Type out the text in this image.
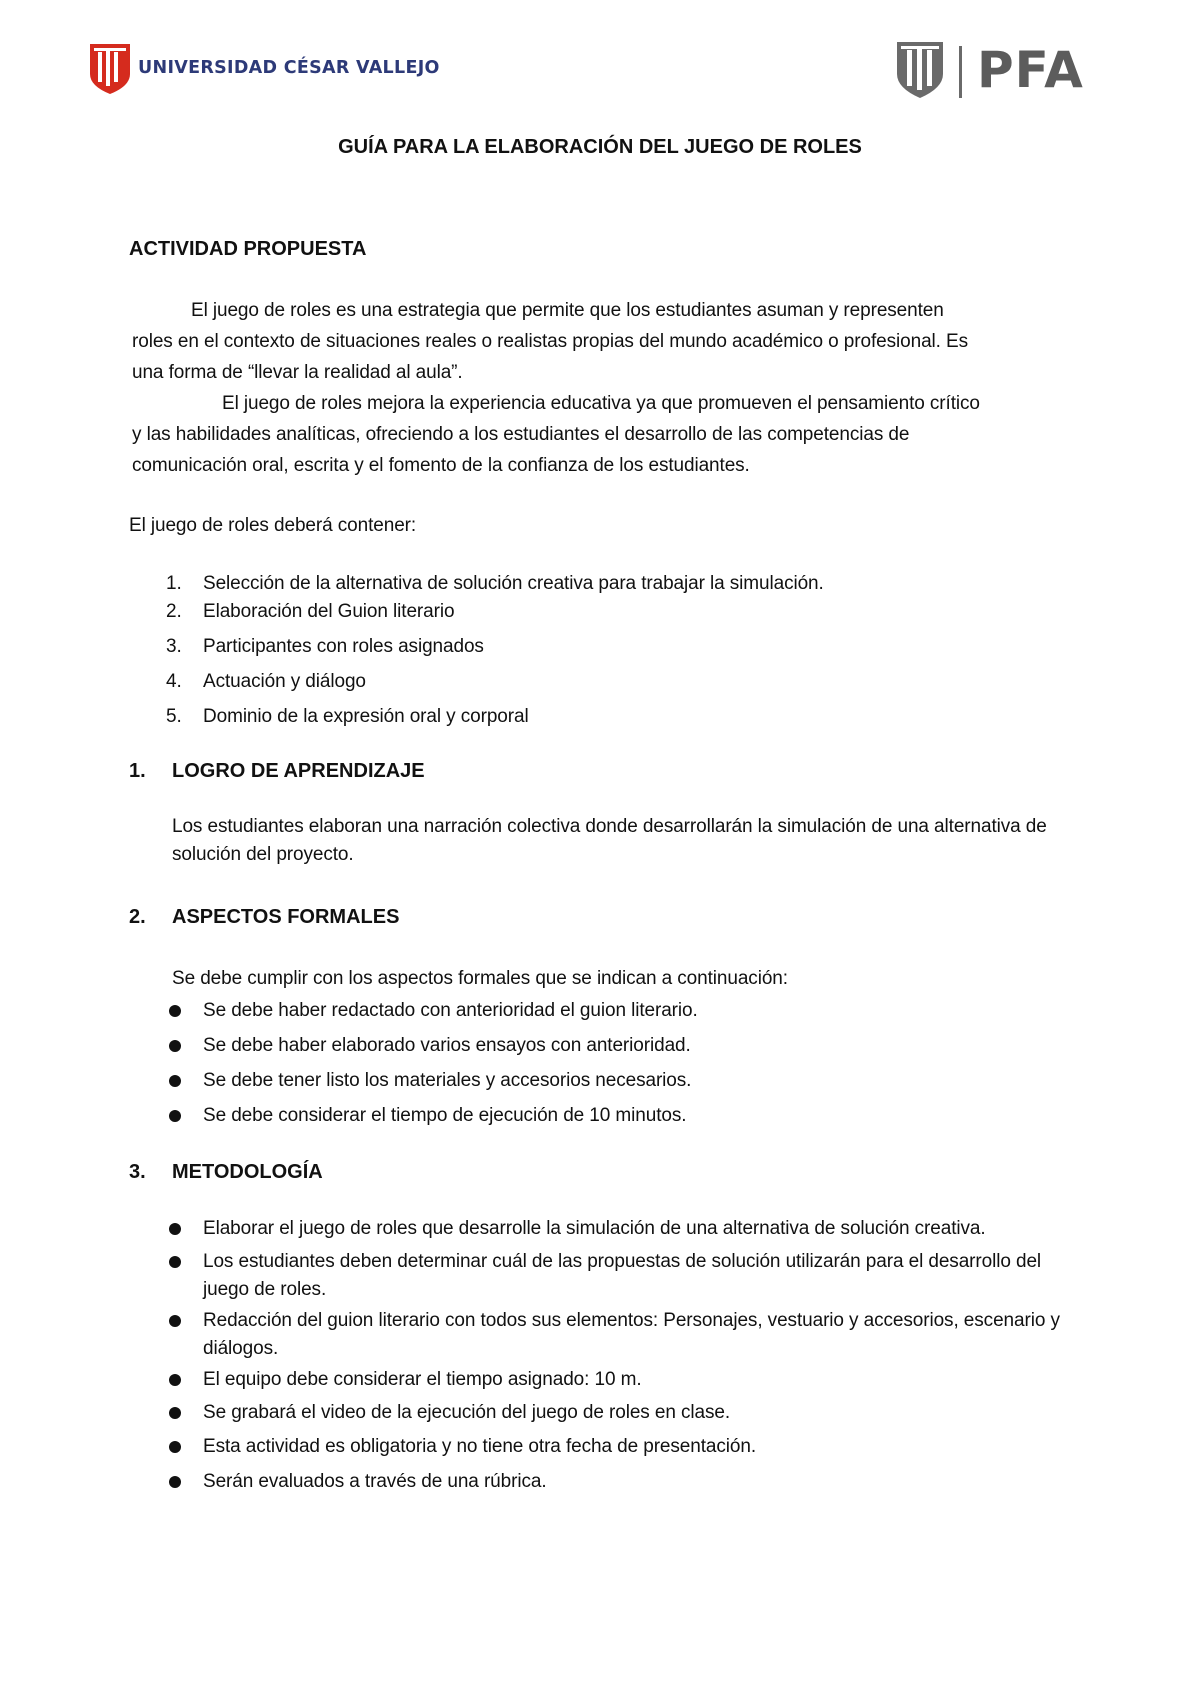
UNIVERSIDAD CÉSAR VALLEJO	PFA
GUÍA PARA LA ELABORACIÓN DEL JUEGO DE ROLES
ACTIVIDAD PROPUESTA
El juego de roles es una estrategia que permite que los estudiantes asuman y representen
roles en el contexto de situaciones reales o realistas propias del mundo académico o profesional. Es
una forma de “llevar la realidad al aula”.
El juego de roles mejora la experiencia educativa ya que promueven el pensamiento crítico
y las habilidades analíticas, ofreciendo a los estudiantes el desarrollo de las competencias de
comunicación oral, escrita y el fomento de la confianza de los estudiantes.
El juego de roles deberá contener:
1. Selección de la alternativa de solución creativa para trabajar la simulación.
2. Elaboración del Guion literario
3. Participantes con roles asignados
4. Actuación y diálogo
5. Dominio de la expresión oral y corporal
1. LOGRO DE APRENDIZAJE
Los estudiantes elaboran una narración colectiva donde desarrollarán la simulación de una alternativa de
solución del proyecto.
2. ASPECTOS FORMALES
Se debe cumplir con los aspectos formales que se indican a continuación:
Se debe haber redactado con anterioridad el guion literario.
Se debe haber elaborado varios ensayos con anterioridad.
Se debe tener listo los materiales y accesorios necesarios.
Se debe considerar el tiempo de ejecución de 10 minutos.
3. METODOLOGÍA
Elaborar el juego de roles que desarrolle la simulación de una alternativa de solución creativa.
Los estudiantes deben determinar cuál de las propuestas de solución utilizarán para el desarrollo del
juego de roles.
Redacción del guion literario con todos sus elementos: Personajes, vestuario y accesorios, escenario y
diálogos.
El equipo debe considerar el tiempo asignado: 10 m.
Se grabará el video de la ejecución del juego de roles en clase.
Esta actividad es obligatoria y no tiene otra fecha de presentación.
Serán evaluados a través de una rúbrica.
